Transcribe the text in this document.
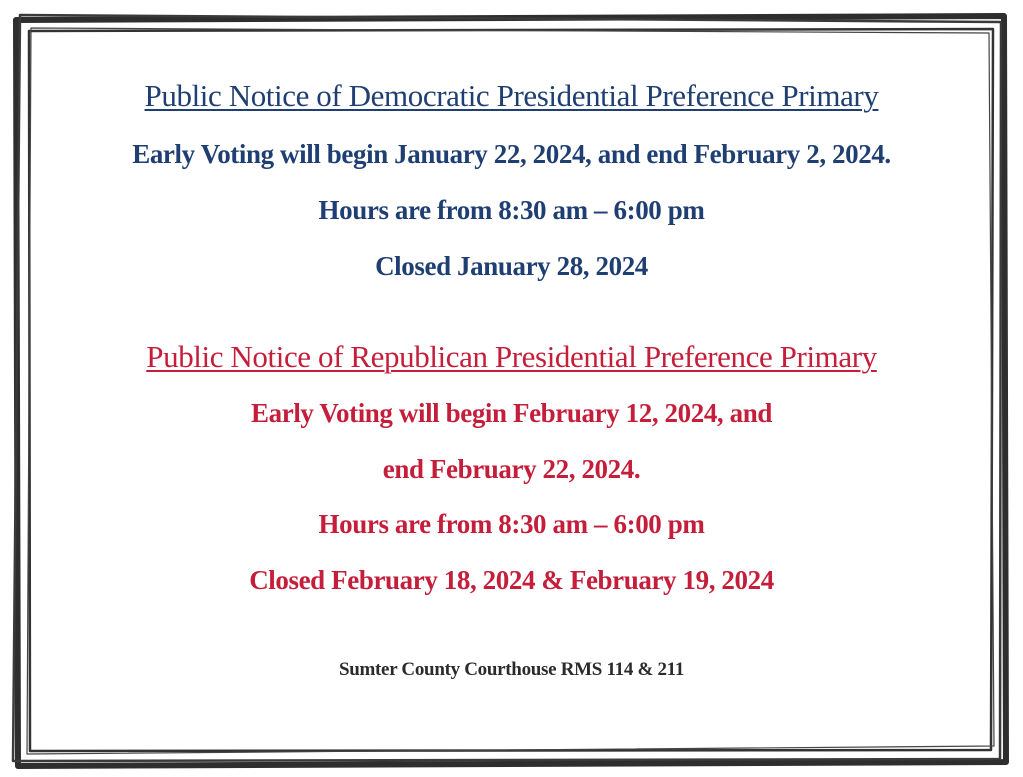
Public Notice of Democratic Presidential Preference Primary
Early Voting will begin January 22, 2024, and end February 2, 2024.
Hours are from 8:30 am – 6:00 pm
Closed January 28, 2024
Public Notice of Republican Presidential Preference Primary
Early Voting will begin February 12, 2024, and
end February 22, 2024.
Hours are from 8:30 am – 6:00 pm
Closed February 18, 2024 & February 19, 2024
Sumter County Courthouse RMS 114 & 211
